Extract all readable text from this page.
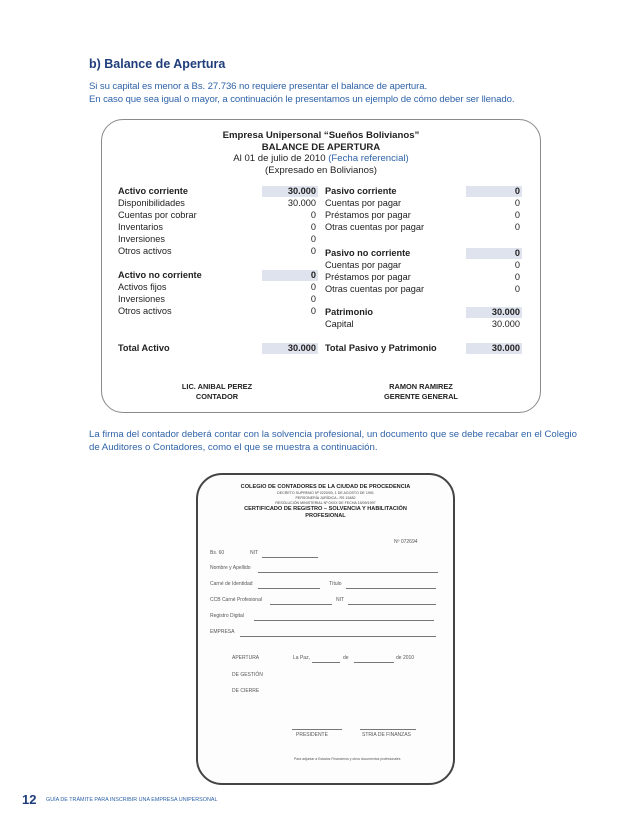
b) Balance de Apertura
Si su capital es menor a Bs. 27.736 no requiere presentar el balance de apertura.
En caso que sea igual o mayor, a continuación le presentamos un ejemplo de cómo deber ser llenado.
Empresa Unipersonal “Sueños Bolivianos”
BALANCE DE APERTURA
Al 01 de julio de 2010 (Fecha referencial)
(Expresado en Bolivianos)
Activo corriente	30.000
Disponibilidades	30.000
Cuentas por cobrar	0
Inventarios	0
Inversiones	0
Otros activos	0
Activo no corriente	0
Activos fijos	0
Inversiones	0
Otros activos	0
Total Activo	30.000
Pasivo corriente	0
Cuentas por pagar	0
Préstamos por pagar	0
Otras cuentas por pagar	0
Pasivo no corriente	0
Cuentas por pagar	0
Préstamos por pagar	0
Otras cuentas por pagar	0
Patrimonio	30.000
Capital	30.000
Total Pasivo y Patrimonio	30.000
LIC. ANIBAL PEREZ
CONTADOR
RAMON RAMIREZ
GERENTE GENERAL
La firma del contador deberá contar con la solvencia profesional, un documento que se debe recabar en el Colegio
de Auditores o Contadores, como el que se muestra a continuación.
COLEGIO DE CONTADORES DE LA CIUDAD DE PROCEDENCIA
DECRETO SUPREMO Nº 0220/00, 1 DE AGOSTO DE 1991
PERSONERÍA JURÍDICA - RS 15482
RESOLUCIÓN MINISTERIAL Nº 0XXX DE FECHA 15/09/1997
CERTIFICADO DE REGISTRO – SOLVENCIA Y HABILITACIÓN
PROFESIONAL
Nº 072694
Bs. 60	NIT
Nombre y Apellido
Carné de Identidad	Título
CCB Carné Profesional	NIT
Registro Digital
EMPRESA
APERTURA	La Paz,	de	de 2010
DE GESTIÓN
DE CIERRE
PRESIDENTE	STRIA DE FINANZAS
Para adjuntar a Estados Financieros y otros documentos profesionales
12 GUÍA DE TRÁMITE PARA INSCRIBIR UNA EMPRESA UNIPERSONAL
